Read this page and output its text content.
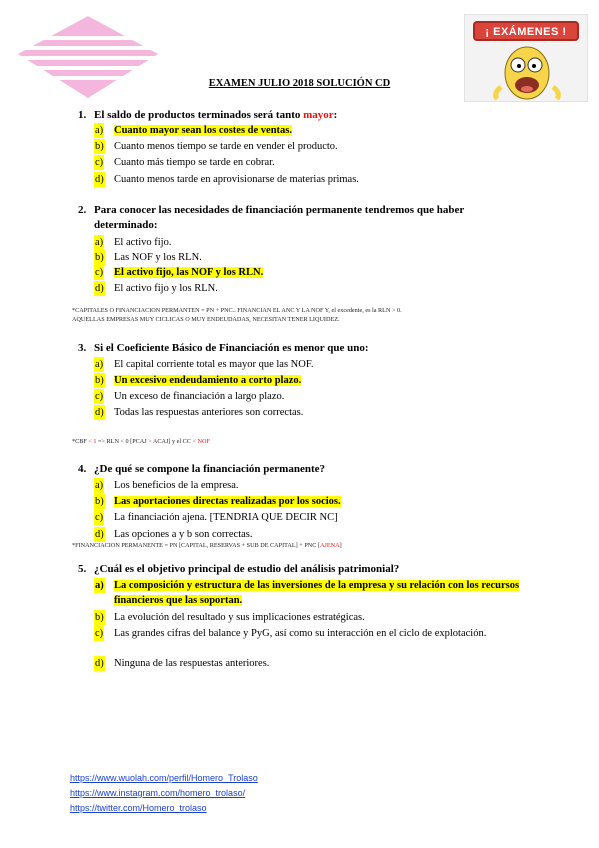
¡ EXÁMENES !
EXAMEN JULIO 2018 SOLUCIÓN CD
1. El saldo de productos terminados será tanto mayor:
a) Cuanto mayor sean los costes de ventas.
b) Cuanto menos tiempo se tarde en vender el producto.
c) Cuanto más tiempo se tarde en cobrar.
d) Cuanto menos tarde en aprovisionarse de materias primas.
2. Para conocer las necesidades de financiación permanente tendremos que haber determinado:
a) El activo fijo.
b) Las NOF y los RLN.
c) El activo fijo, las NOF y los RLN.
d) El activo fijo y los RLN.
*CAPITALES O FINANCIACION PERMANTEN = PN + PNC.. FINANCIAN EL ANC Y LA NOF Y, el excedente, es la RLN > 0.
AQUELLAS EMPRESAS MUY CICLICAS O MUY ENDEUDADAS, NECESITAN TENER LIQUIDEZ.
3. Si el Coeficiente Básico de Financiación es menor que uno:
a) El capital corriente total es mayor que las NOF.
b) Un excesivo endeudamiento a corto plazo.
c) Un exceso de financiación a largo plazo.
d) Todas las respuestas anteriores son correctas.
*CBF < 1 => RLN < 0 [PCAJ > ACAJ] y el CC < NOF
4. ¿De qué se compone la financiación permanente?
a) Los beneficios de la empresa.
b) Las aportaciones directas realizadas por los socios.
c) La financiación ajena. [TENDRIA QUE DECIR NC]
d) Las opciones a y b son correctas.
*FINANCIACION PERMANENTE = PN [CAPITAL, RESERVAS + SUB DE CAPITAL] + PNC [AJENA]
5. ¿Cuál es el objetivo principal de estudio del análisis patrimonial?
a) La composición y estructura de las inversiones de la empresa y su relación con los recursos financieros que las soportan.
b) La evolución del resultado y sus implicaciones estratégicas.
c) Las grandes cifras del balance y PyG, así como su interacción en el ciclo de explotación.
d) Ninguna de las respuestas anteriores.
https://www.wuolah.com/perfil/Homero_Trolaso
https://www.instagram.com/homero_trolaso/
https://twitter.com/Homero_trolaso
